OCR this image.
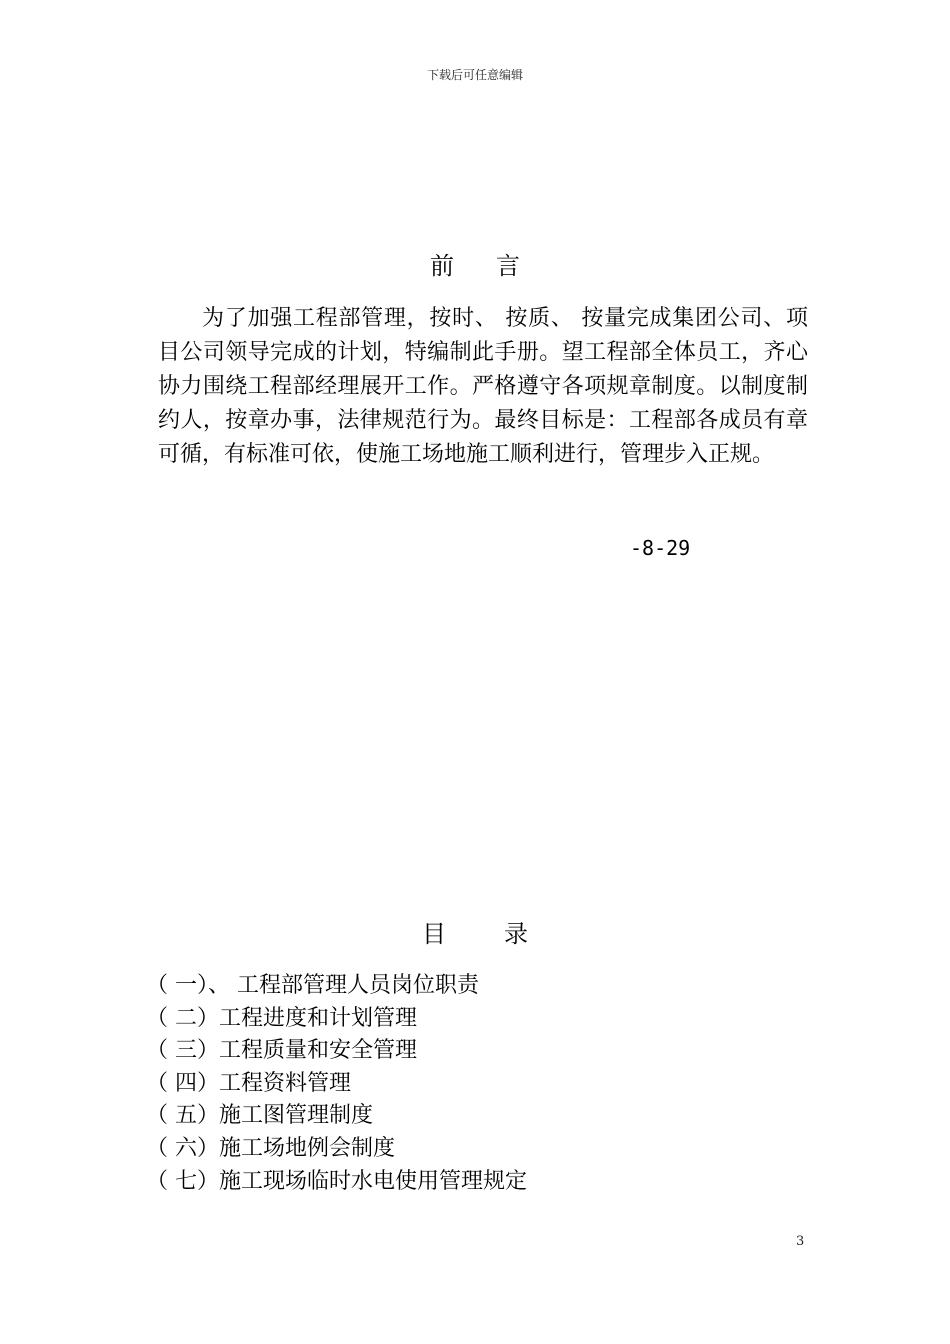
下载后可任意编辑
前 言

为了加强工程部管理，按时、 按质、 按量完成集团公司、项目公司领导完成的计划，特编制此手册。望工程部全体员工，齐心协力围绕工程部经理展开工作。严格遵守各项规章制度。以制度制约人，按章办事，法律规范行为。最终目标是：工程部各成员有章可循，有标准可依，使施工场地施工顺利进行，管理步入正规。

-8-29
目 录
（ 一）、 工程部管理人员岗位职责
（ 二）工程进度和计划管理
（ 三）工程质量和安全管理
（ 四）工程资料管理
（ 五）施工图管理制度
（ 六）施工场地例会制度
（ 七）施工现场临时水电使用管理规定
3
